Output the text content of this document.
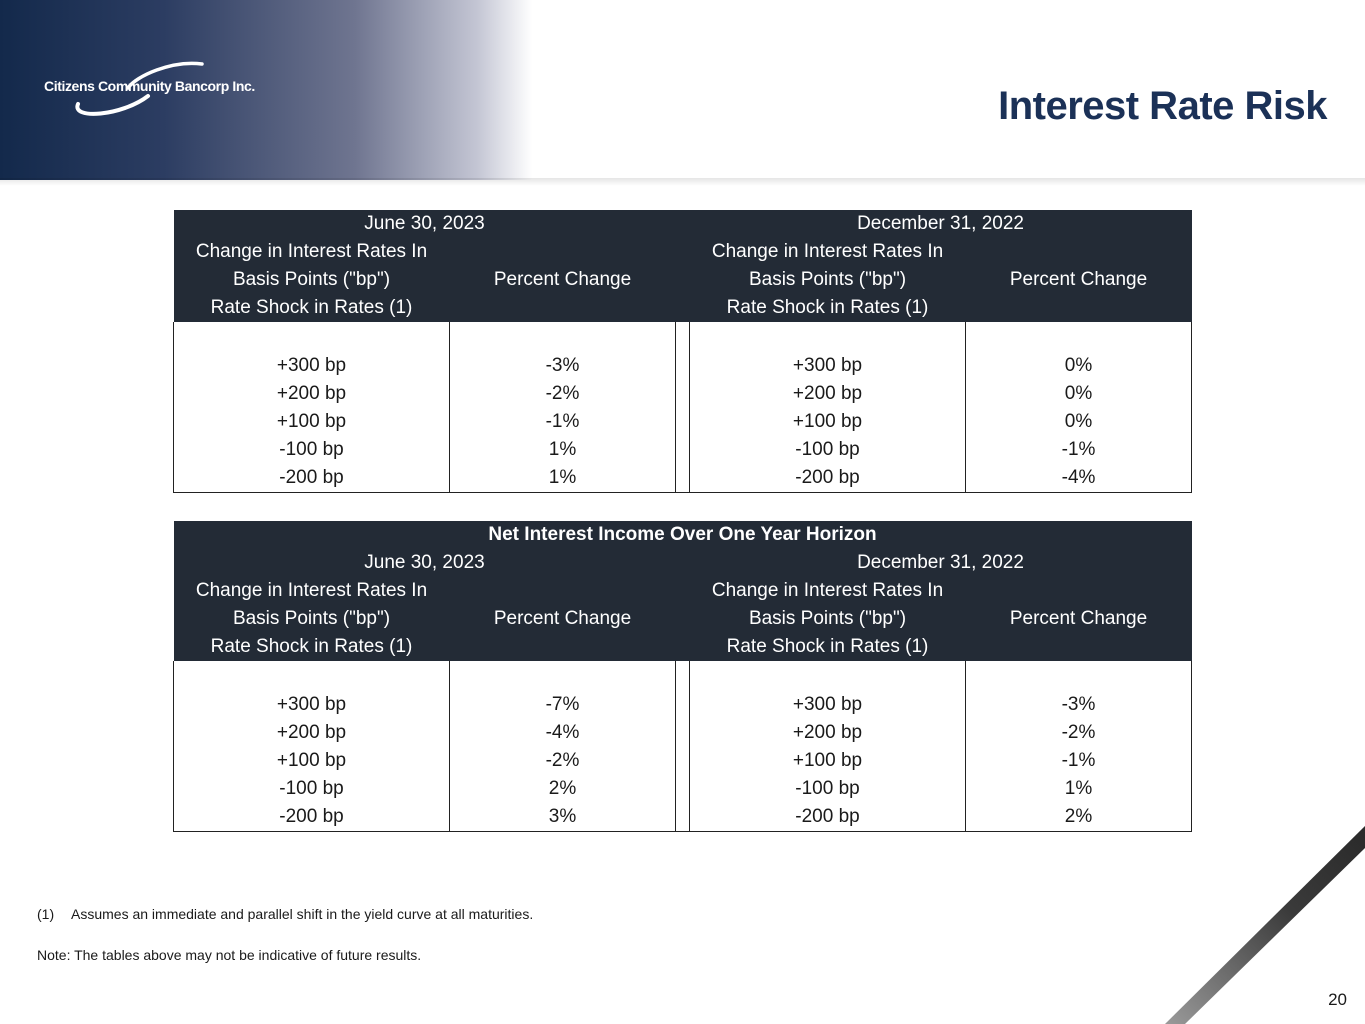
Citizens Community Bancorp Inc.	Interest Rate Risk
June 30, 2023			December 31, 2022	
Change in Interest Rates In			Change in Interest Rates In	
Basis Points ("bp")	Percent Change		Basis Points ("bp")	Percent Change
Rate Shock in Rates (1)			Rate Shock in Rates (1)	

+300 bp	-3%		+300 bp	0%
+200 bp	-2%		+200 bp	0%
+100 bp	-1%		+100 bp	0%
-100 bp	1%		-100 bp	-1%
-200 bp	1%		-200 bp	-4%
Net Interest Income Over One Year Horizon				
June 30, 2023			December 31, 2022	
Change in Interest Rates In			Change in Interest Rates In	
Basis Points ("bp")	Percent Change		Basis Points ("bp")	Percent Change
Rate Shock in Rates (1)			Rate Shock in Rates (1)	

+300 bp	-7%		+300 bp	-3%
+200 bp	-4%		+200 bp	-2%
+100 bp	-2%		+100 bp	-1%
-100 bp	2%		-100 bp	1%
-200 bp	3%		-200 bp	2%
(1) Assumes an immediate and parallel shift in the yield curve at all maturities.
Note: The tables above may not be indicative of future results.
20
